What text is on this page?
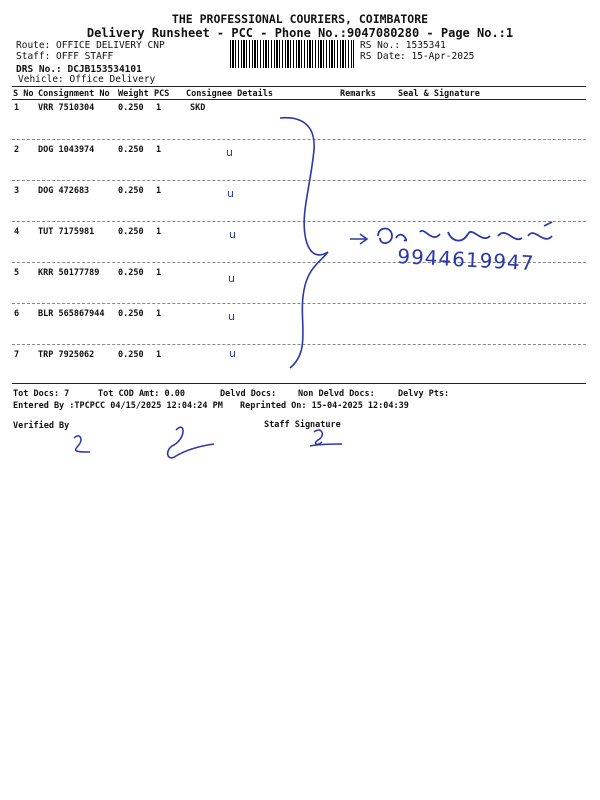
THE PROFESSIONAL COURIERS, COIMBATORE
Delivery Runsheet - PCC - Phone No.:9047080280 - Page No.:1
Route: OFFICE DELIVERY CNP
Staff: OFFF STAFF
DRS No.: DCJB153534101
Vehicle: Office Delivery
RS No.: 1535341
RS Date: 15-Apr-2025
S No Consignment No Weight PCS Consignee Details	Remarks	Seal & Signature
1 VRR 7510304	0.250 1	SKD
2 DOG 1043974	0.250 1	u
3 DOG 472683	0.250 1	u
4 TUT 7175981	0.250 1	u
5 KRR 50177789 0.250 1	u
6 BLR 565867944 0.250 1	u
7 TRP 7925062	0.250 1	u
9944619947
Tot Docs: 7	Tot COD Amt: 0.00	Delvd Docs:	Non Delvd Docs:	Delvy Pts:
Entered By :TPCPCC 04/15/2025 12:04:24 PM Reprinted On: 15-04-2025 12:04:39
Verified By	Staff Signature
